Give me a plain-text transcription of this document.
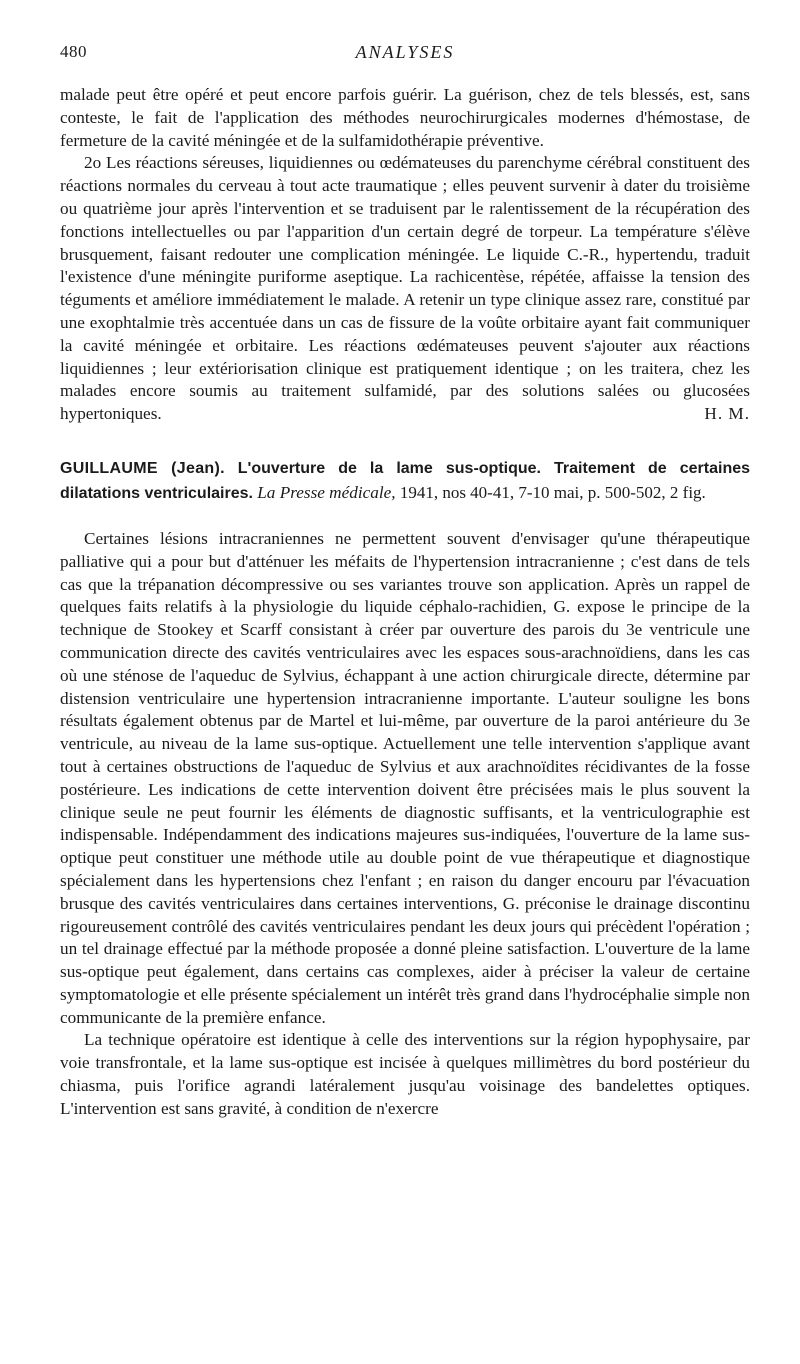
480	ANALYSES

malade peut être opéré et peut encore parfois guérir. La guérison, chez de tels blessés, est, sans conteste, le fait de l'application des méthodes neurochirurgicales modernes d'hémostase, de fermeture de la cavité méningée et de la sulfamidothérapie préventive.

2o Les réactions séreuses, liquidiennes ou œdémateuses du parenchyme cérébral constituent des réactions normales du cerveau à tout acte traumatique ; elles peuvent survenir à dater du troisième ou quatrième jour après l'intervention et se traduisent par le ralentissement de la récupération des fonctions intellectuelles ou par l'apparition d'un certain degré de torpeur. La température s'élève brusquement, faisant redouter une complication méningée. Le liquide C.-R., hypertendu, traduit l'existence d'une méningite puriforme aseptique. La rachicentèse, répétée, affaisse la tension des téguments et améliore immédiatement le malade. A retenir un type clinique assez rare, constitué par une exophtalmie très accentuée dans un cas de fissure de la voûte orbitaire ayant fait communiquer la cavité méningée et orbitaire. Les réactions œdémateuses peuvent s'ajouter aux réactions liquidiennes ; leur extériorisation clinique est pratiquement identique ; on les traitera, chez les malades encore soumis au traitement sulfamidé, par des solutions salées ou glucosées hypertoniques.	H. M.

GUILLAUME (Jean). L'ouverture de la lame sus-optique. Traitement de certaines dilatations ventriculaires. La Presse médicale, 1941, nos 40-41, 7-10 mai, p. 500-502, 2 fig.

Certaines lésions intracraniennes ne permettent souvent d'envisager qu'une thérapeutique palliative qui a pour but d'atténuer les méfaits de l'hypertension intracranienne ; c'est dans de tels cas que la trépanation décompressive ou ses variantes trouve son application. Après un rappel de quelques faits relatifs à la physiologie du liquide céphalo-rachidien, G. expose le principe de la technique de Stookey et Scarff consistant à créer par ouverture des parois du 3e ventricule une communication directe des cavités ventriculaires avec les espaces sous-arachnoïdiens, dans les cas où une sténose de l'aqueduc de Sylvius, échappant à une action chirurgicale directe, détermine par distension ventriculaire une hypertension intracranienne importante. L'auteur souligne les bons résultats également obtenus par de Martel et lui-même, par ouverture de la paroi antérieure du 3e ventricule, au niveau de la lame sus-optique. Actuellement une telle intervention s'applique avant tout à certaines obstructions de l'aqueduc de Sylvius et aux arachnoïdites récidivantes de la fosse postérieure. Les indications de cette intervention doivent être précisées mais le plus souvent la clinique seule ne peut fournir les éléments de diagnostic suffisants, et la ventriculographie est indispensable. Indépendamment des indications majeures sus-indiquées, l'ouverture de la lame sus-optique peut constituer une méthode utile au double point de vue thérapeutique et diagnostique spécialement dans les hypertensions chez l'enfant ; en raison du danger encouru par l'évacuation brusque des cavités ventriculaires dans certaines interventions, G. préconise le drainage discontinu rigoureusement contrôlé des cavités ventriculaires pendant les deux jours qui précèdent l'opération ; un tel drainage effectué par la méthode proposée a donné pleine satisfaction. L'ouverture de la lame sus-optique peut également, dans certains cas complexes, aider à préciser la valeur de certaine symptomatologie et elle présente spécialement un intérêt très grand dans l'hydrocéphalie simple non communicante de la première enfance.

La technique opératoire est identique à celle des interventions sur la région hypophysaire, par voie transfrontale, et la lame sus-optique est incisée à quelques millimètres du bord postérieur du chiasma, puis l'orifice agrandi latéralement jusqu'au voisinage des bandelettes optiques. L'intervention est sans gravité, à condition de n'exercre
